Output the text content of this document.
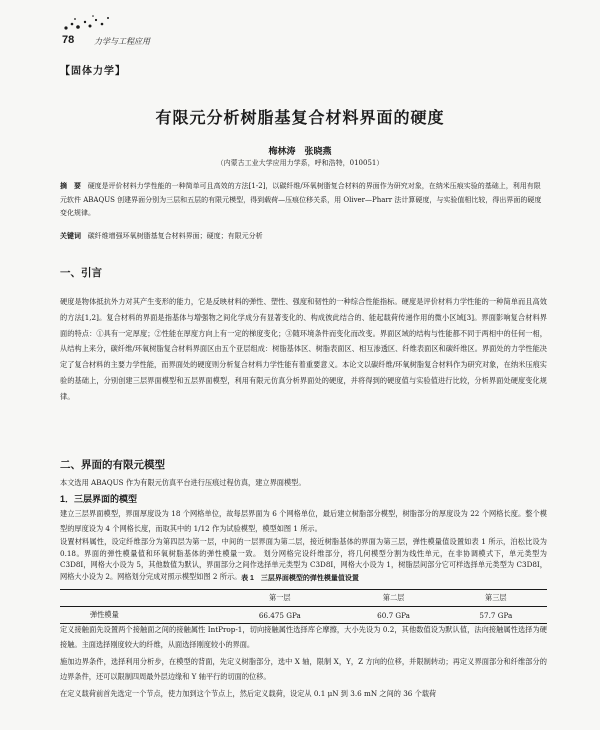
78 力学与工程应用
【固体力学】
有限元分析树脂基复合材料界面的硬度
梅林涛　张晓燕
（内蒙古工业大学应用力学系，呼和浩特，010051）
摘　要 硬度是评价材料力学性能的一种简单可且高效的方法[1-2]，以碳纤维/环氧树脂复合材料的界面作为研究对象，在纳米压痕实验的基础上，利用有限元软件 ABAQUS 创建界面分别为三层和五层的有限元模型，得到载荷—压痕位移关系，用 Oliver—Pharr 法计算硬度，与实验值相比较，得出界面的硬度变化规律。
关键词 碳纤维增强环氧树脂基复合材料界面；硬度；有限元分析
一、引言
硬度是物体抵抗外力对其产生变形的能力，它是反映材料的弹性、塑性、强度和韧性的一种综合性能指标。硬度是评价材料力学性能的一种简单而且高效的方法[1,2]。复合材料的界面是指基体与增强物之间化学成分有显著变化的、构成彼此结合的、能起载荷传递作用的微小区域[3]。界面影响复合材料界面的特点：①具有一定厚度；②性能在厚度方向上有一定的梯度变化；③随环境条件而变化而改变。界面区域的结构与性能都不同于两相中的任何一相，从结构上来分，碳纤维/环氧树脂复合材料界面区由五个亚层组成：树脂基体区、树脂表面区、相互渗透区、纤维表面区和碳纤维区。界面处的力学性能决定了复合材料的主要力学性能，而界面处的硬度则分析复合材料力学性能有着重要意义。本论文以碳纤维/环氧树脂复合材料作为研究对象，在纳米压痕实验的基础上，分别创建三层界面模型和五层界面模型，利用有限元仿真分析界面处的硬度，并将得到的硬度值与实验值进行比较，分析界面处硬度变化规律。
二、界面的有限元模型
本文选用 ABAQUS 作为有限元仿真平台进行压痕过程仿真，建立界面模型。
1．三层界面的模型
建立三层界面模型，界面厚度设为 18 个网格单位，故每层界面为 6 个网格单位，最后建立树脂部分模型，树脂部分的厚度设为 22 个网格长度。整个模型的厚度设为 4 个网格长度，而取其中的 1/12 作为试验模型，模型如图 1 所示。
表 1　三层界面模型的弹性模量值设置
	第一层	第二层	第三层
弹性模量	66.475 GPa	60.7 GPa	57.7 GPa
定义接触面先设置两个接触面之间的接触属性 IntProp-1，切向接触属性选择库仑摩擦，大小先设为 0.2，其他数值设为默认值，法向接触属性选择为硬接触。主面选择刚度较大的纤维，从面选择刚度较小的界面。
施加边界条件，选择利用分析步，在模型的背面，先定义树脂部分，选中 X 轴，限制 X，Y，Z 方向的位移，并限制转动；再定义界面部分和纤维部分的边界条件，还可以限制四周最外层边缘和 Y 轴平行的切面的位移。
在定义载荷前首先选定一个节点，使力加到这个节点上，然后定义载荷，设定从 0.1 μN 到 3.6 mN 之间的 36 个载荷
设置材料属性，设定纤维部分为第四层为第一层，中间的一层界面为第二层，接近树脂基体的界面为第三层，弹性模量值设置如表 1 所示，泊松比设为 0.18。界面的弹性模量值和环氧树脂基体的弹性模量一致。 划分网格完设纤维部分，将几何模型分割为线性单元，在非协调模式下，单元类型为 C3D8I，网格大小设为 5，其他数值为默认，界面部分之间作选择单元类型为 C3D8I，网格大小设为 1，树脂层间部分它可样选择单元类型为 C3D8I，网格大小设为 2。网格划分完成对照示模型如图 2 所示。
